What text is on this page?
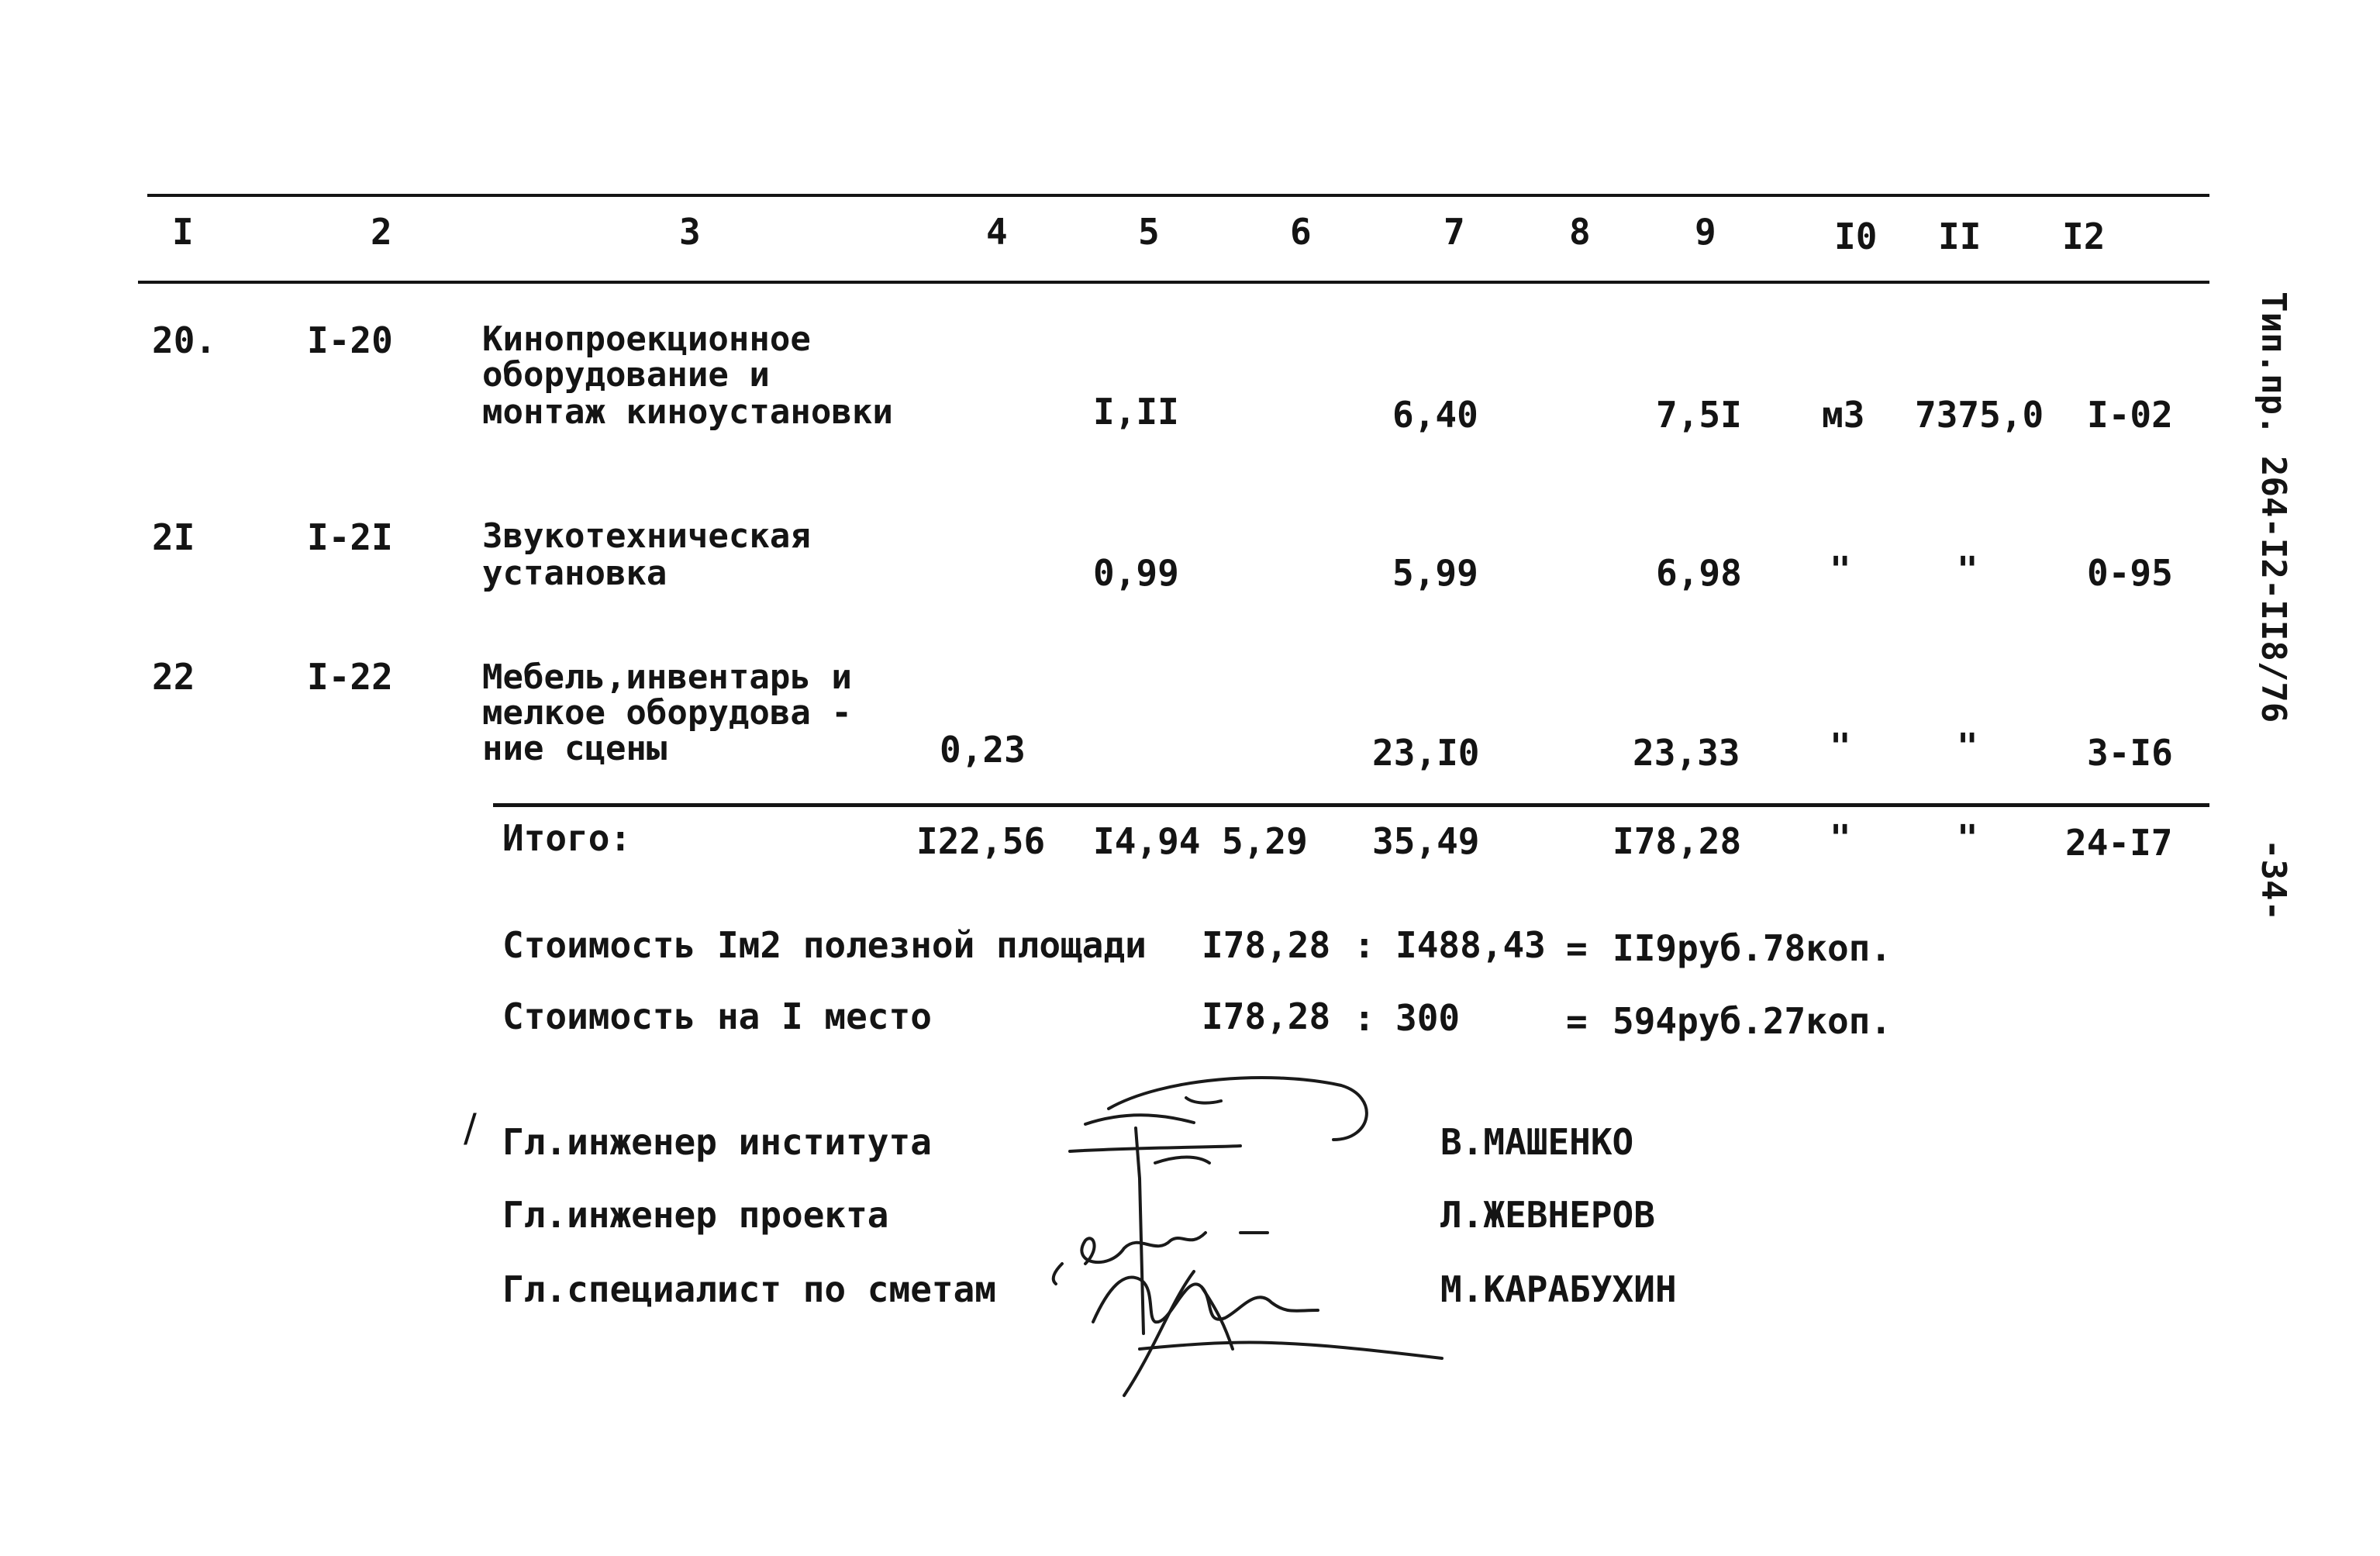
I	2	3	4	5	6	7	8	9	I0 II I2
20.	I-20	Кинопроекционное
оборудование и
монтаж киноустановки	I,II	6,40	7,5I м3 7375,0 I-02
2I	I-2I	Звукотехническая
установка	0,99	5,99	6,98 "	"	0-95
22	I-22	Мебель,инвентарь и
мелкое оборудова -
ние сцены	0,23	23,I0	23,33	"	"	3-I6
Итого:	I22,56 I4,94 5,29 35,49	I78,28 "	" 24-I7
Стоимость Iм2 полезной площади I78,28 : I488,43 = II9руб.78коп.
Стоимость на I место	I78,28 : 300	= 594руб.27коп.
/ Гл.инженер института	В.МАШЕНКО
Гл.инженер проекта	Л.ЖЕВНЕРОВ
Гл.специалист по сметам	М.КАРАБУХИН
Тип.пр. 264-I2-II8/76
-34-
